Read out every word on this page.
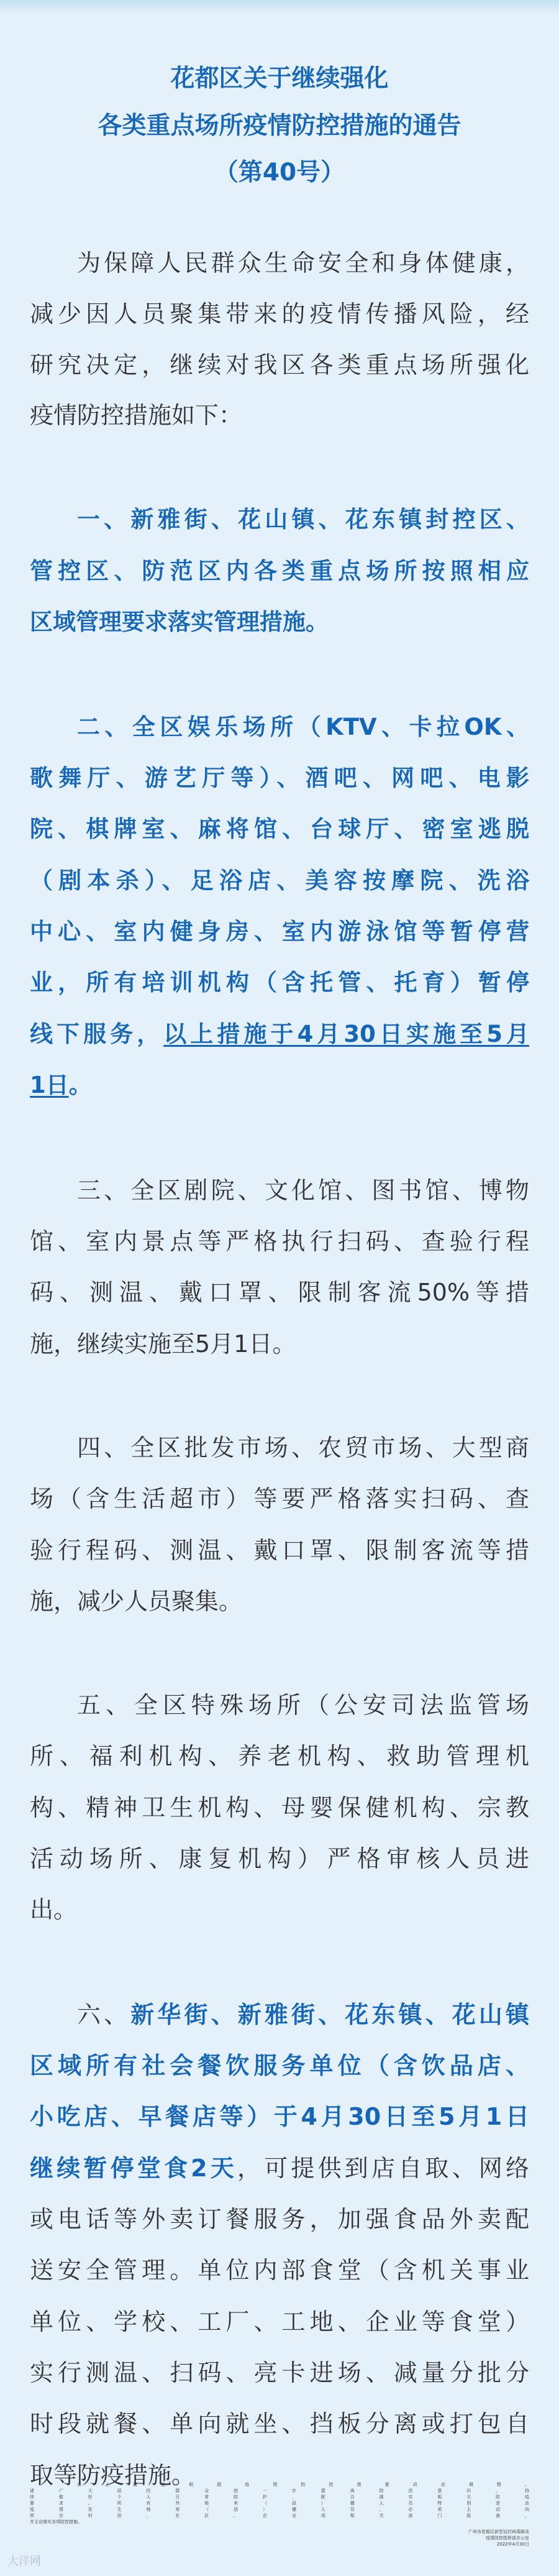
花都区关于继续强化
各类重点场所疫情防控措施的通告
（第40号）
为保障人民群众生命安全和身体健康，
减少因人员聚集带来的疫情传播风险，经
研究决定，继续对我区各类重点场所强化
疫情防控措施如下：
一、新雅街、花山镇、花东镇封控区、
管控区、防范区内各类重点场所按照相应
区域管理要求落实管理措施。
二、全区娱乐场所（KTV、卡拉OK、
歌舞厅、游艺厅等）、酒吧、网吧、电影
院、棋牌室、麻将馆、台球厅、密室逃脱
（剧本杀）、足浴店、美容按摩院、洗浴
中心、室内健身房、室内游泳馆等暂停营
业，所有培训机构（含托管、托育）暂停
线下服务，以上措施于4月30日实施至5月
1日。
三、全区剧院、文化馆、图书馆、博物
馆、室内景点等严格执行扫码、查验行程
码、测温、戴口罩、限制客流50%等措
施，继续实施至5月1日。
四、全区批发市场、农贸市场、大型商
场（含生活超市）等要严格落实扫码、查
验行程码、测温、戴口罩、限制客流等措
施，减少人员聚集。
五、全区特殊场所（公安司法监管场
所、福利机构、养老机构、救助管理机
构、精神卫生机构、母婴保健机构、宗教
活动场所、康复机构）严格审核人员进
出。
六、新华街、新雅街、花东镇、花山镇
区域所有社会餐饮服务单位（含饮品店、
小吃店、早餐店等）于4月30日至5月1日
继续暂停堂食2天，可提供到店自取、网络
或电话等外卖订餐服务，加强食品外卖配
送安全管理。单位内部食堂（含机关事业
单位、学校、工厂、工地、企业等食堂）
实行测温、扫码、亮卡进场、减量分批分
时段就餐、单向就坐、挡板分离或打包自
取等防疫措施。
以上措施根据疫情防控需要动态调整。
请广大居民群众进一步提高防范意识，持
续做好个人日常防护，配合落实相关防疫
要求。所有外地来（返）穗人员特别是由
疫情发生地来（返）穗人员，必须主动向
所在村居、社区、企业或相关部门报备，
并主动落实各项防控措施。
广州市花都区新型冠状病毒肺炎
疫情防控指挥部办公室
2022年4月30日
大洋网
